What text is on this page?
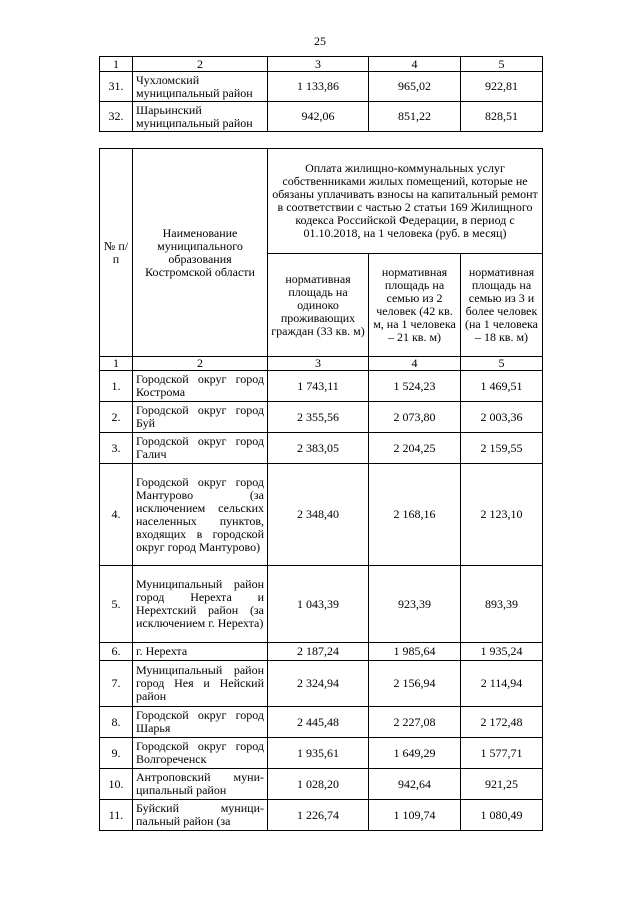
25
1	2	3	4	5
31.	Чухломский муниципальный район	1 133,86	965,02	922,81
32.	Шарьинский муниципальный район	942,06	851,22	828,51
№ п/п	Наименование муниципального образования Костромской области	Оплата жилищно-коммунальных услуг собственниками жилых помещений, которые не обязаны уплачивать взносы на капитальный ремонт в соответствии с частью 2 статьи 169 Жилищного кодекса Российской Федерации, в период с 01.10.2018, на 1 человека (руб. в месяц)		
		нормативная площадь на одиноко проживающих граждан (33 кв. м)	нормативная площадь на семью из 2 человек (42 кв. м, на 1 человека – 21 кв. м)	нормативная площадь на семью из 3 и более человек (на 1 человека – 18 кв. м)
1	2	3	4	5
1.	Городской округ город Кострома	1 743,11	1 524,23	1 469,51
2.	Городской округ город Буй	2 355,56	2 073,80	2 003,36
3.	Городской округ город Галич	2 383,05	2 204,25	2 159,55
4.	Городской округ город Мантурово (за исключением сельских населенных пунктов, входящих в городской округ город Мантурово)	2 348,40	2 168,16	2 123,10
5.	Муниципальный район город Нерехта и Нерехтский район (за исключением г. Нерехта)	1 043,39	923,39	893,39
6.	г. Нерехта	2 187,24	1 985,64	1 935,24
7.	Муниципальный район город Нея и Нейский район	2 324,94	2 156,94	2 114,94
8.	Городской округ город Шарья	2 445,48	2 227,08	2 172,48
9.	Городской округ город Волгореченск	1 935,61	1 649,29	1 577,71
10.	Антроповский муни-ципальный район	1 028,20	942,64	921,25
11.	Буйский муници-пальный район (за	1 226,74	1 109,74	1 080,49
